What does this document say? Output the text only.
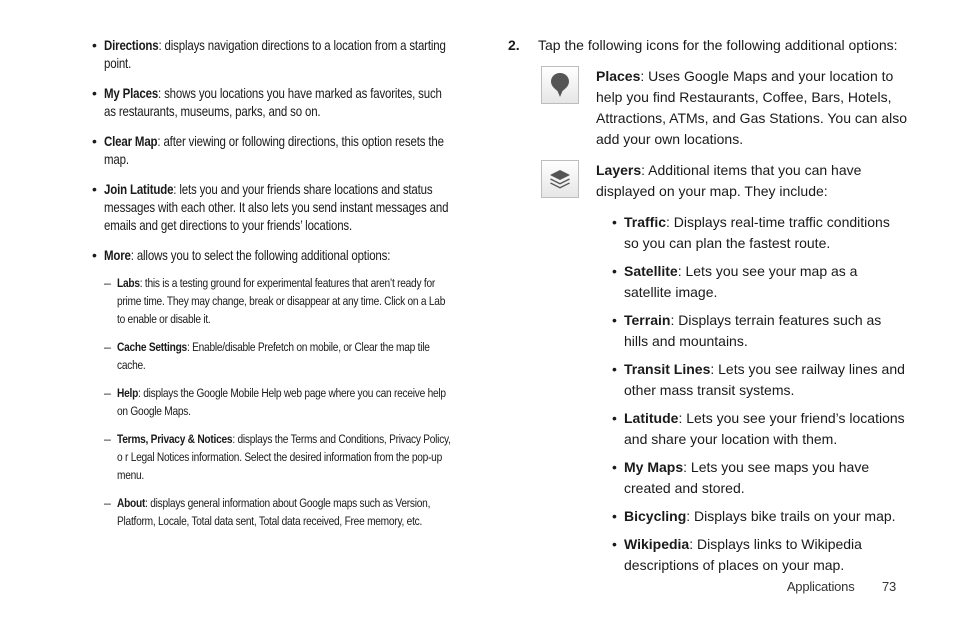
• Directions: displays navigation directions to a location from a starting point.
• My Places: shows you locations you have marked as favorites, such as restaurants, museums, parks, and so on.
• Clear Map: after viewing or following directions, this option resets the map.
• Join Latitude: lets you and your friends share locations and status messages with each other. It also lets you send instant messages and emails and get directions to your friends’ locations.
• More: allows you to select the following additional options:
– Labs: this is a testing ground for experimental features that aren’t ready for prime time. They may change, break or disappear at any time. Click on a Lab to enable or disable it.
– Cache Settings: Enable/disable Prefetch on mobile, or Clear the map tile cache.
– Help: displays the Google Mobile Help web page where you can receive help on Google Maps.
– Terms, Privacy & Notices: displays the Terms and Conditions, Privacy Policy, o r Legal Notices information. Select the desired information from the pop-up menu.
– About: displays general information about Google maps such as Version, Platform, Locale, Total data sent, Total data received, Free memory, etc.
2. Tap the following icons for the following additional options:
Places: Uses Google Maps and your location to help you find Restaurants, Coffee, Bars, Hotels, Attractions, ATMs, and Gas Stations. You can also add your own locations.
Layers: Additional items that you can have displayed on your map. They include:
• Traffic: Displays real-time traffic conditions so you can plan the fastest route.
• Satellite: Lets you see your map as a satellite image.
• Terrain: Displays terrain features such as hills and mountains.
• Transit Lines: Lets you see railway lines and other mass transit systems.
• Latitude: Lets you see your friend’s locations and share your location with them.
• My Maps: Lets you see maps you have created and stored.
• Bicycling: Displays bike trails on your map.
• Wikipedia: Displays links to Wikipedia descriptions of places on your map.
Applications 73
